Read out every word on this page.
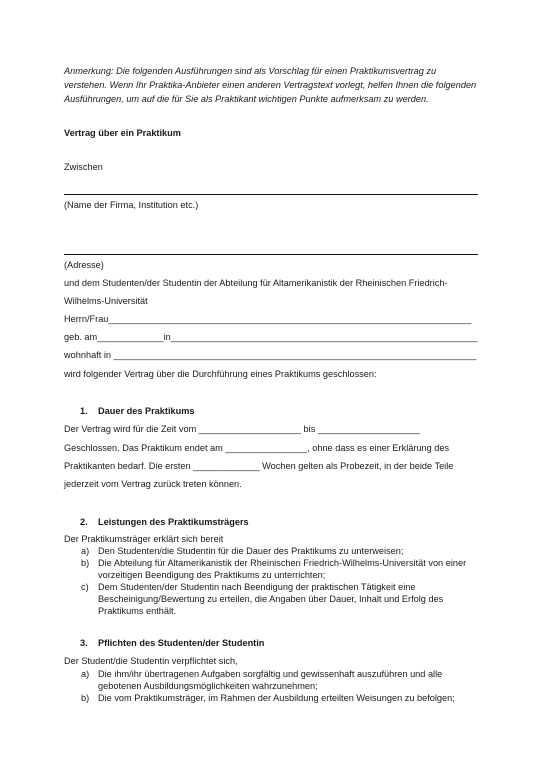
Anmerkung: Die folgenden Ausführungen sind als Vorschlag für einen Praktikumsvertrag zu
verstehen. Wenn Ihr Praktika-Anbieter einen anderen Vertragstext vorlegt, helfen Ihnen die folgenden
Ausführungen, um auf die für Sie als Praktikant wichtigen Punkte aufmerksam zu werden.
Vertrag über ein Praktikum
Zwischen
(Name der Firma, Institution etc.)
(Adresse)
und dem Studenten/der Studentin der Abteilung für Altamerikanistik der Rheinischen Friedrich-
Wilhelms-Universität
Herrn/Frau_______________________________________________________________________
geb. am_____________in____________________________________________________________
wohnhaft in _______________________________________________________________________
wird folgender Vertrag über die Durchführung eines Praktikums geschlossen:
1. Dauer des Praktikums
Der Vertrag wird für die Zeit vom ____________________ bis ____________________
Geschlossen. Das Praktikum endet am ________________, ohne dass es einer Erklärung des
Praktikanten bedarf. Die ersten _____________ Wochen gelten als Probezeit, in der beide Teile
jederzeit vom Vertrag zurück treten können.
2. Leistungen des Praktikumsträgers
Der Praktikumsträger erklärt sich bereit
a) Den Studenten/die Studentin für die Dauer des Praktikums zu unterweisen;
b) Die Abteilung für Altamerikanistik der Rheinischen Friedrich-Wilhelms-Universität von einer
vorzeitigen Beendigung des Praktikums zu unterrichten;
c) Dem Studenten/der Studentin nach Beendigung der praktischen Tätigkeit eine
Bescheinigung/Bewertung zu erteilen, die Angaben über Dauer, Inhalt und Erfolg des
Praktikums enthält.
3. Pflichten des Studenten/der Studentin
Der Student/die Studentin verpflichtet sich,
a) Die ihm/ihr übertragenen Aufgaben sorgfältig und gewissenhaft auszuführen und alle
gebotenen Ausbildungsmöglichkeiten wahrzunehmen;
b) Die vom Praktikumsträger, im Rahmen der Ausbildung erteilten Weisungen zu befolgen;
